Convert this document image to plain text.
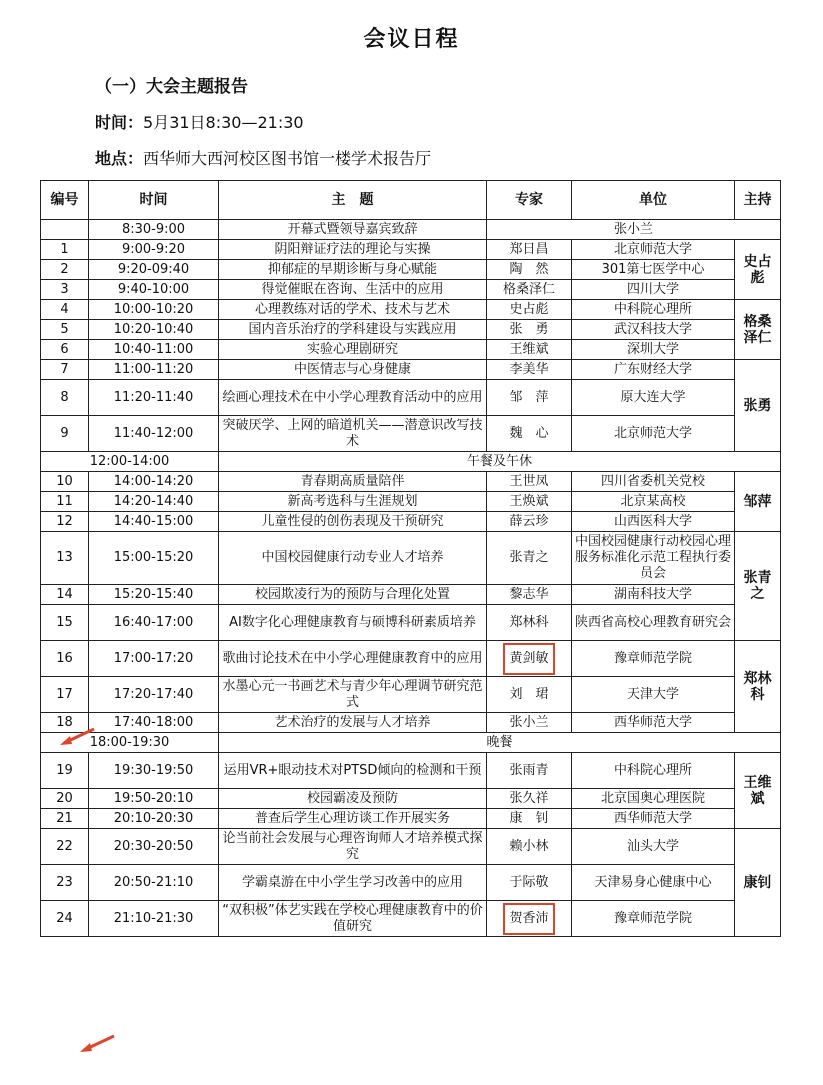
会议日程
（一）大会主题报告
时间：5月31日8:30—21:30
地点：西华师大西河校区图书馆一楼学术报告厅
编号	时间	主　题	专家	单位	主持
	8:30-9:00	开幕式暨领导嘉宾致辞	张小兰		
1	9:00-9:20	阴阳辩证疗法的理论与实操	郑日昌	北京师范大学	史占彪
2	9:20-09:40	抑郁症的早期诊断与身心赋能	陶　然	301第七医学中心	
3	9:40-10:00	得觉催眠在咨询、生活中的应用	格桑泽仁	四川大学	
4	10:00-10:20	心理教练对话的学术、技术与艺术	史占彪	中科院心理所	格桑泽仁
5	10:20-10:40	国内音乐治疗的学科建设与实践应用	张　勇	武汉科技大学	
6	10:40-11:00	实验心理剧研究	王维斌	深圳大学	
7	11:00-11:20	中医情志与心身健康	李美华	广东财经大学	张勇
8	11:20-11:40	绘画心理技术在中小学心理教育活动中的应用	邹　萍	原大连大学	
9	11:40-12:00	突破厌学、上网的暗道机关——潜意识改写技术	魏　心	北京师范大学	
12:00-14:00		午餐及午休			
10	14:00-14:20	青春期高质量陪伴	王世凤	四川省委机关党校	邹萍
11	14:20-14:40	新高考选科与生涯规划	王焕斌	北京某高校	
12	14:40-15:00	儿童性侵的创伤表现及干预研究	薛云珍	山西医科大学	
13	15:00-15:20	中国校园健康行动专业人才培养	张青之	中国校园健康行动校园心理服务标准化示范工程执行委员会	张青之
14	15:20-15:40	校园欺凌行为的预防与合理化处置	黎志华	湖南科技大学	
15	16:40-17:00	AI数字化心理健康教育与硕博科研素质培养	郑林科	陕西省高校心理教育研究会	
16	17:00-17:20	歌曲讨论技术在中小学心理健康教育中的应用	黄剑敏	豫章师范学院	郑林科
17	17:20-17:40	水墨心元一书画艺术与青少年心理调节研究范式	刘　珺	天津大学	
18	17:40-18:00	艺术治疗的发展与人才培养	张小兰	西华师范大学	
18:00-19:30		晚餐			
19	19:30-19:50	运用VR+眼动技术对PTSD倾向的检测和干预	张雨青	中科院心理所	王维斌
20	19:50-20:10	校园霸凌及预防	张久祥	北京国奥心理医院	
21	20:10-20:30	普查后学生心理访谈工作开展实务	康　钊	西华师范大学	
22	20:30-20:50	论当前社会发展与心理咨询师人才培养模式探究	赖小林	汕头大学	康钊
23	20:50-21:10	学霸桌游在中小学生学习改善中的应用	于际敬	天津易身心健康中心	
24	21:10-21:30	“双积极”体艺实践在学校心理健康教育中的价值研究	贺香沛	豫章师范学院	
